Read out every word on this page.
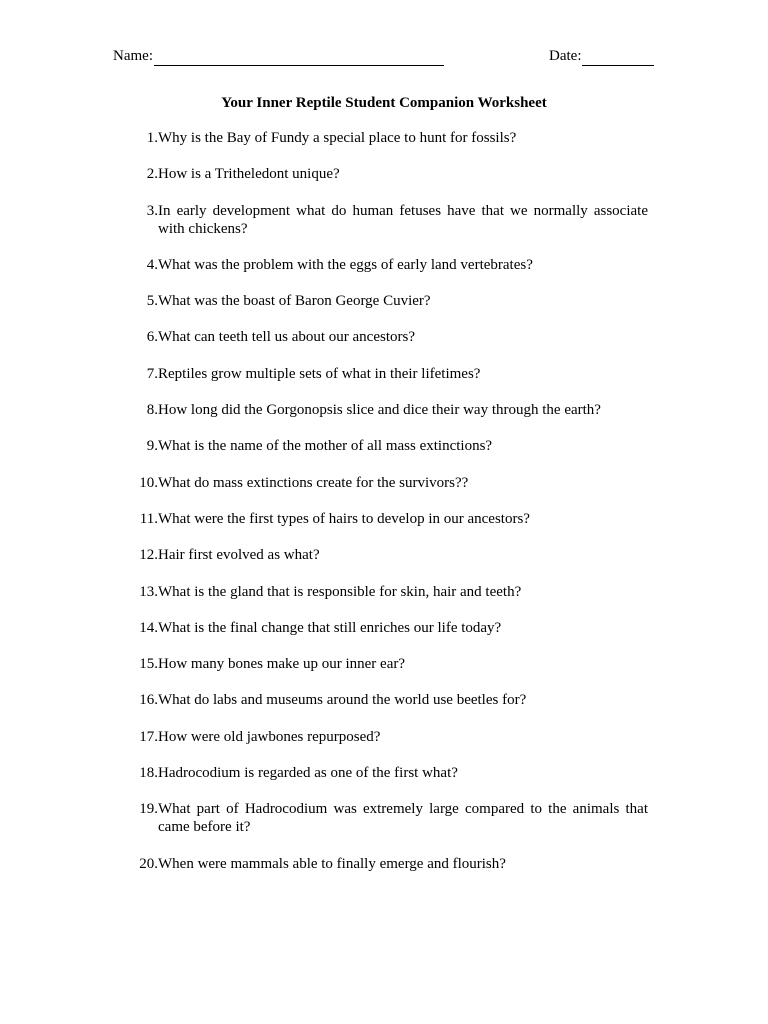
Name:	Date:
Your Inner Reptile Student Companion Worksheet
1. Why is the Bay of Fundy a special place to hunt for fossils?
2. How is a Tritheledont unique?
3. In early development what do human fetuses have that we normally associate with chickens?
4. What was the problem with the eggs of early land vertebrates?
5. What was the boast of Baron George Cuvier?
6. What can teeth tell us about our ancestors?
7. Reptiles grow multiple sets of what in their lifetimes?
8. How long did the Gorgonopsis slice and dice their way through the earth?
9. What is the name of the mother of all mass extinctions?
10. What do mass extinctions create for the survivors??
11. What were the first types of hairs to develop in our ancestors?
12. Hair first evolved as what?
13. What is the gland that is responsible for skin, hair and teeth?
14. What is the final change that still enriches our life today?
15. How many bones make up our inner ear?
16. What do labs and museums around the world use beetles for?
17. How were old jawbones repurposed?
18. Hadrocodium is regarded as one of the first what?
19. What part of Hadrocodium was extremely large compared to the animals that came before it?
20. When were mammals able to finally emerge and flourish?
